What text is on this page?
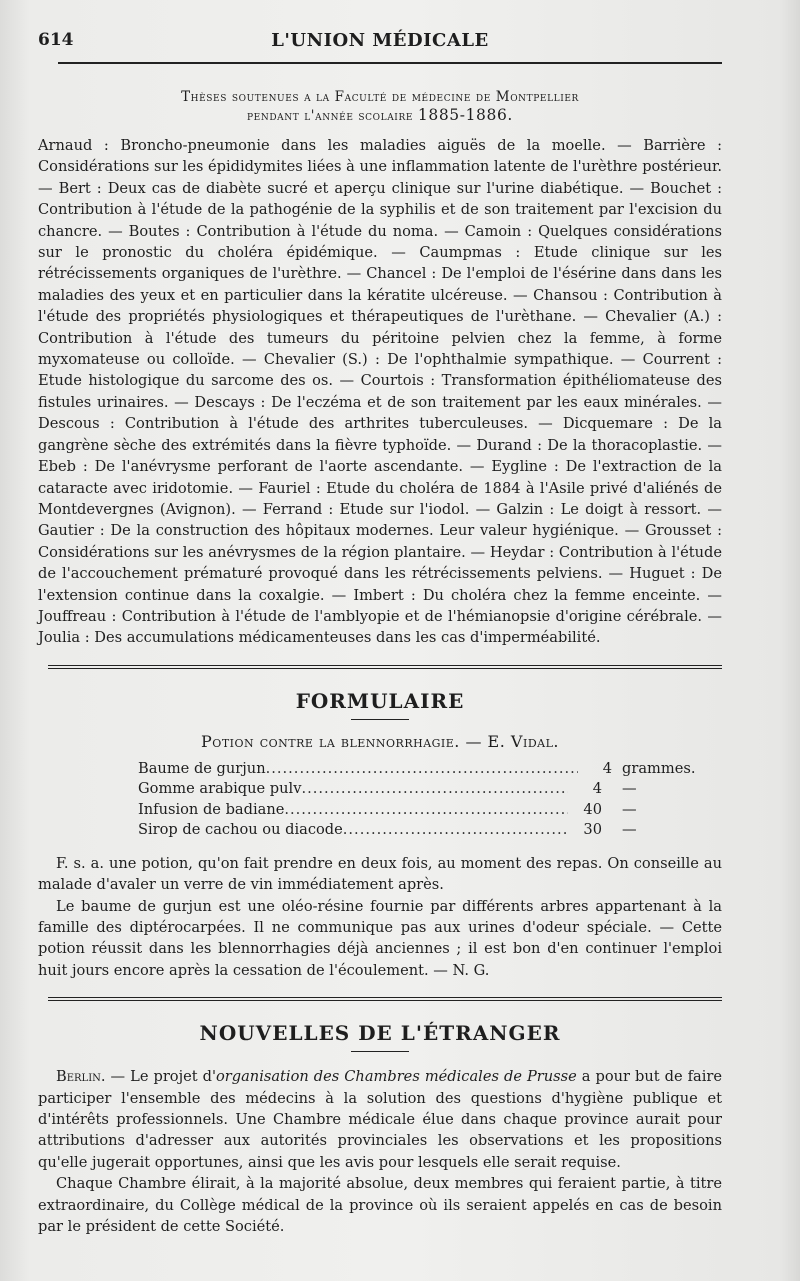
614	L'UNION MÉDICALE
Thèses soutenues a la Faculté de médecine de Montpellier
pendant l'année scolaire 1885-1886.

Arnaud : Broncho-pneumonie dans les maladies aiguës de la moelle. — Barrière : Considérations sur les épididymites liées à une inflammation latente de l'urèthre postérieur. — Bert : Deux cas de diabète sucré et aperçu clinique sur l'urine diabétique. — Bouchet : Contribution à l'étude de la pathogénie de la syphilis et de son traitement par l'excision du chancre. — Boutes : Contribution à l'étude du noma. — Camoin : Quelques considérations sur le pronostic du choléra épidémique. — Caumpmas : Etude clinique sur les rétrécissements organiques de l'urèthre. — Chancel : De l'emploi de l'ésérine dans dans les maladies des yeux et en particulier dans la kératite ulcéreuse. — Chansou : Contribution à l'étude des propriétés physiologiques et thérapeutiques de l'urèthane. — Chevalier (A.) : Contribution à l'étude des tumeurs du péritoine pelvien chez la femme, à forme myxomateuse ou colloïde. — Chevalier (S.) : De l'ophthalmie sympathique. — Courrent : Etude histologique du sarcome des os. — Courtois : Transformation épithéliomateuse des fistules urinaires. — Descays : De l'eczéma et de son traitement par les eaux minérales. — Descous : Contribution à l'étude des arthrites tuberculeuses. — Dicquemare : De la gangrène sèche des extrémités dans la fièvre typhoïde. — Durand : De la thoracoplastie. — Ebeb : De l'anévrysme perforant de l'aorte ascendante. — Eygline : De l'extraction de la cataracte avec iridotomie. — Fauriel : Etude du choléra de 1884 à l'Asile privé d'aliénés de Montdevergnes (Avignon). — Ferrand : Etude sur l'iodol. — Galzin : Le doigt à ressort. — Gautier : De la construction des hôpitaux modernes. Leur valeur hygiénique. — Grousset : Considérations sur les anévrysmes de la région plantaire. — Heydar : Contribution à l'étude de l'accouchement prématuré provoqué dans les rétrécissements pelviens. — Huguet : De l'extension continue dans la coxalgie. — Imbert : Du choléra chez la femme enceinte. — Jouffreau : Contribution à l'étude de l'amblyopie et de l'hémianopsie d'origine cérébrale. — Joulia : Des accumulations médicamenteuses dans les cas d'imperméabilité.

FORMULAIRE
Potion contre la blennorrhagie. — E. Vidal.
Baume de gurjun .....	4 grammes.
Gomme arabique pulv .....	4	—
Infusion de badiane .....	40	—
Sirop de cachou ou diacode .....	30	—

F. s. a. une potion, qu'on fait prendre en deux fois, au moment des repas. On conseille au malade d'avaler un verre de vin immédiatement après.

Le baume de gurjun est une oléo-résine fournie par différents arbres appartenant à la famille des diptérocarpées. Il ne communique pas aux urines d'odeur spéciale. — Cette potion réussit dans les blennorrhagies déjà anciennes ; il est bon d'en continuer l'emploi huit jours encore après la cessation de l'écoulement. — N. G.

NOUVELLES DE L'ÉTRANGER

Berlin. — Le projet d'organisation des Chambres médicales de Prusse a pour but de faire participer l'ensemble des médecins à la solution des questions d'hygiène publique et d'intérêts professionnels. Une Chambre médicale élue dans chaque province aurait pour attributions d'adresser aux autorités provinciales les observations et les propositions qu'elle jugerait opportunes, ainsi que les avis pour lesquels elle serait requise.

Chaque Chambre élirait, à la majorité absolue, deux membres qui feraient partie, à titre extraordinaire, du Collège médical de la province où ils seraient appelés en cas de besoin par le président de cette Société.
